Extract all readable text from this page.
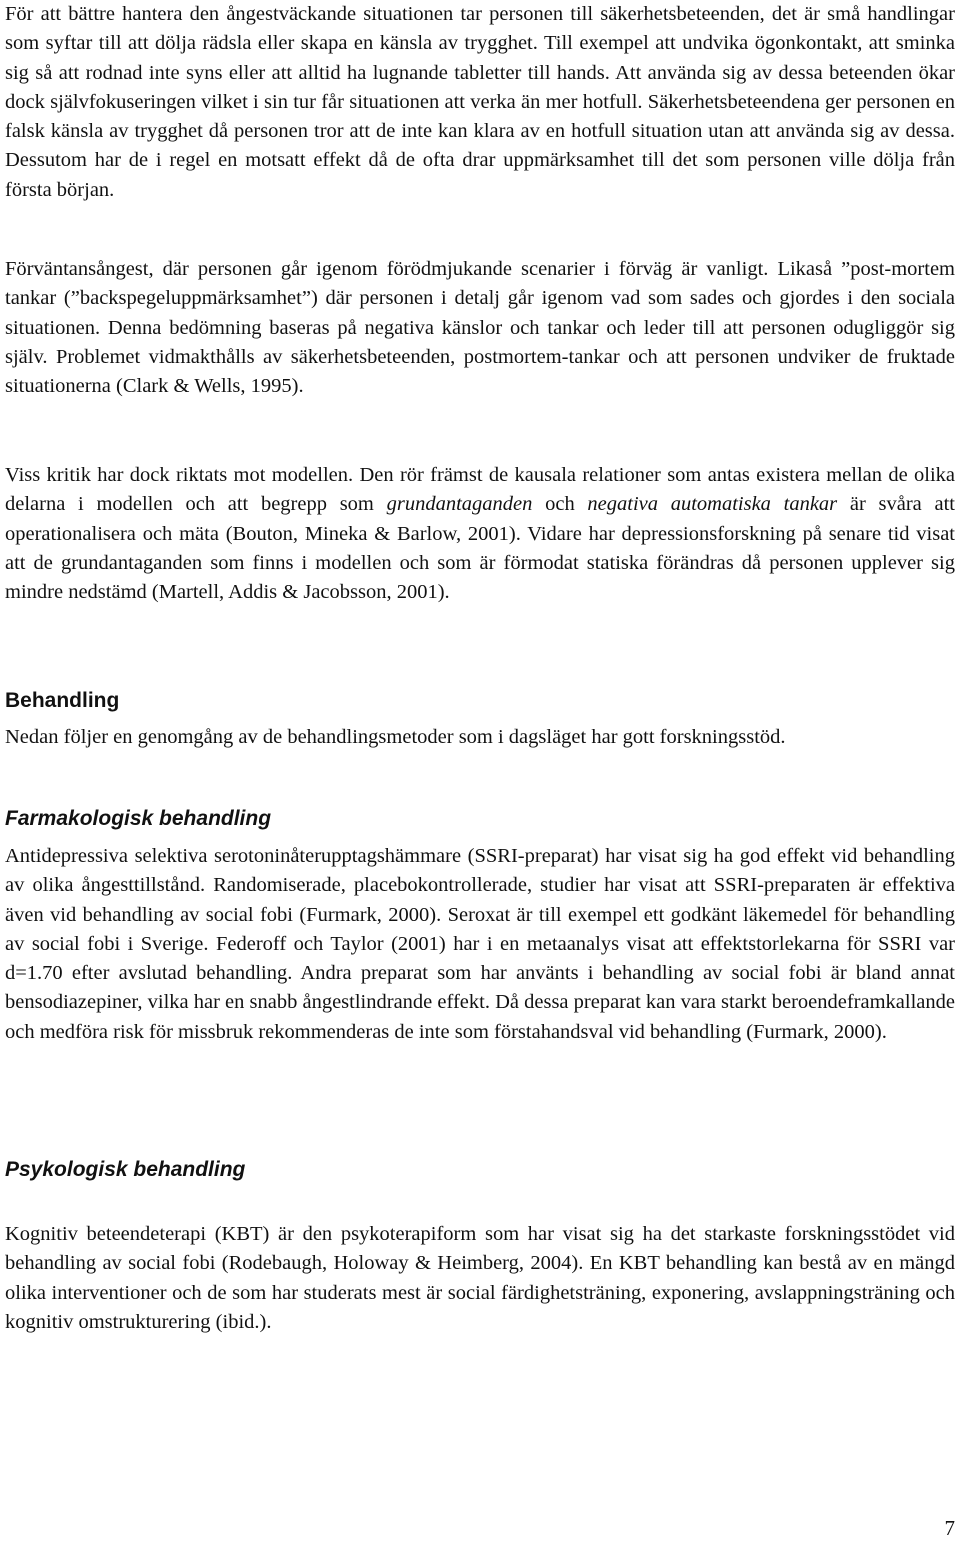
För att bättre hantera den ångestväckande situationen tar personen till säkerhetsbeteenden, det är små handlingar som syftar till att dölja rädsla eller skapa en känsla av trygghet. Till exempel att undvika ögonkontakt, att sminka sig så att rodnad inte syns eller att alltid ha lugnande tabletter till hands. Att använda sig av dessa beteenden ökar dock självfokuseringen vilket i sin tur får situationen att verka än mer hotfull. Säkerhetsbeteendena ger personen en falsk känsla av trygghet då personen tror att de inte kan klara av en hotfull situation utan att använda sig av dessa. Dessutom har de i regel en motsatt effekt då de ofta drar uppmärksamhet till det som personen ville dölja från första början.

Förväntansångest, där personen går igenom förödmjukande scenarier i förväg är vanligt. Likaså ”post-mortem tankar (”backspegeluppmärksamhet”) där personen i detalj går igenom vad som sades och gjordes i den sociala situationen. Denna bedömning baseras på negativa känslor och tankar och leder till att personen odugliggör sig själv. Problemet vidmakthålls av säkerhetsbeteenden, postmortem-tankar och att personen undviker de fruktade situationerna (Clark & Wells, 1995).

Viss kritik har dock riktats mot modellen. Den rör främst de kausala relationer som antas existera mellan de olika delarna i modellen och att begrepp som grundantaganden och negativa automatiska tankar är svåra att operationalisera och mäta (Bouton, Mineka & Barlow, 2001). Vidare har depressionsforskning på senare tid visat att de grundantaganden som finns i modellen och som är förmodat statiska förändras då personen upplever sig mindre nedstämd (Martell, Addis & Jacobsson, 2001).

Behandling

Nedan följer en genomgång av de behandlingsmetoder som i dagsläget har gott forskningsstöd.

Farmakologisk behandling

Antidepressiva selektiva serotoninåterupptagshämmare (SSRI-preparat) har visat sig ha god effekt vid behandling av olika ångesttillstånd. Randomiserade, placebokontrollerade, studier har visat att SSRI-preparaten är effektiva även vid behandling av social fobi (Furmark, 2000). Seroxat är till exempel ett godkänt läkemedel för behandling av social fobi i Sverige. Federoff och Taylor (2001) har i en metaanalys visat att effektstorlekarna för SSRI var d=1.70 efter avslutad behandling. Andra preparat som har använts i behandling av social fobi är bland annat bensodiazepiner, vilka har en snabb ångestlindrande effekt. Då dessa preparat kan vara starkt beroendeframkallande och medföra risk för missbruk rekommenderas de inte som förstahandsval vid behandling (Furmark, 2000).

Psykologisk behandling

Kognitiv beteendeterapi (KBT) är den psykoterapiform som har visat sig ha det starkaste forskningsstödet vid behandling av social fobi (Rodebaugh, Holoway & Heimberg, 2004). En KBT behandling kan bestå av en mängd olika interventioner och de som har studerats mest är social färdighetsträning, exponering, avslappningsträning och kognitiv omstrukturering (ibid.).

7
